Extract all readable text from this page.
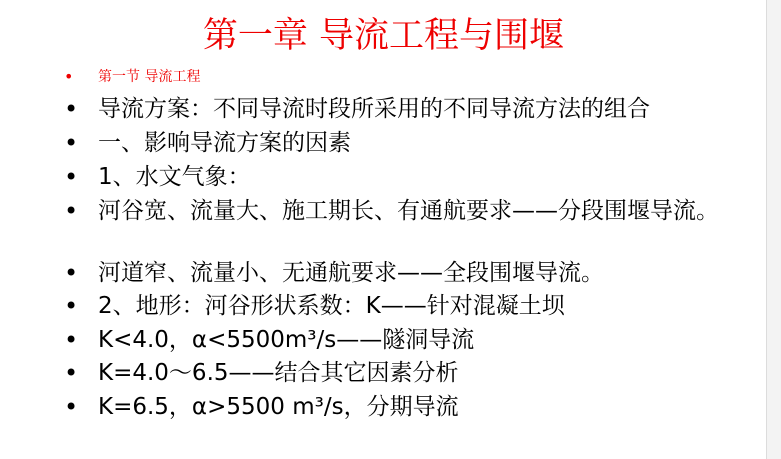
第一章 导流工程与围堰
•	第一节 导流工程
• 导流方案：不同导流时段所采用的不同导流方法的组合
• 一、影响导流方案的因素
• 1、水文气象：
• 河谷宽、流量大、施工期长、有通航要求——分段围堰导流。
• 河道窄、流量小、无通航要求——全段围堰导流。
• 2、地形：河谷形状系数：K——针对混凝土坝
• K<4.0，α<5500m³/s——隧洞导流
• K=4.0～6.5——结合其它因素分析
• K=6.5，α>5500 m³/s，分期导流
